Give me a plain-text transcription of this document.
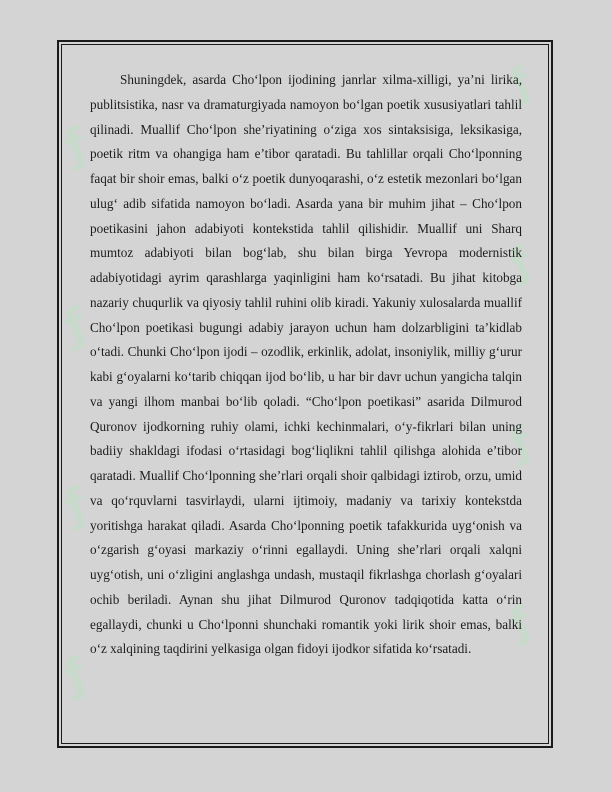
ƒ
ƒ
ƒ
ƒ
ƒ
ƒ
ƒ
ƒ

Shuningdek, asarda Cho‘lpon ijodining janrlar xilma-xilligi, ya’ni lirika, publitsistika, nasr va dramaturgiyada namoyon bo‘lgan poetik xususiyatlari tahlil qilinadi. Muallif Cho‘lpon she’riyatining o‘ziga xos sintaksisiga, leksikasiga, poetik ritm va ohangiga ham e’tibor qaratadi. Bu tahlillar orqali Cho‘lponning faqat bir shoir emas, balki o‘z poetik dunyoqarashi, o‘z estetik mezonlari bo‘lgan ulug‘ adib sifatida namoyon bo‘ladi. Asarda yana bir muhim jihat – Cho‘lpon poetikasini jahon adabiyoti kontekstida tahlil qilishidir. Muallif uni Sharq mumtoz adabiyoti bilan bog‘lab, shu bilan birga Yevropa modernistik adabiyotidagi ayrim qarashlarga yaqinligini ham ko‘rsatadi. Bu jihat kitobga nazariy chuqurlik va qiyosiy tahlil ruhini olib kiradi. Yakuniy xulosalarda muallif Cho‘lpon poetikasi bugungi adabiy jarayon uchun ham dolzarbligini ta’kidlab o‘tadi. Chunki Cho‘lpon ijodi – ozodlik, erkinlik, adolat, insoniylik, milliy g‘urur kabi g‘oyalarni ko‘tarib chiqqan ijod bo‘lib, u har bir davr uchun yangicha talqin va yangi ilhom manbai bo‘lib qoladi. “Cho‘lpon poetikasi” asarida Dilmurod Quronov ijodkorning ruhiy olami, ichki kechinmalari, o‘y-fikrlari bilan uning badiiy shakldagi ifodasi o‘rtasidagi bog‘liqlikni tahlil qilishga alohida e’tibor qaratadi. Muallif Cho‘lponning she’rlari orqali shoir qalbidagi iztirob, orzu, umid va qo‘rquvlarni tasvirlaydi, ularni ijtimoiy, madaniy va tarixiy kontekstda yoritishga harakat qiladi. Asarda Cho‘lponning poetik tafakkurida uyg‘onish va o‘zgarish g‘oyasi markaziy o‘rinni egallaydi. Uning she’rlari orqali xalqni uyg‘otish, uni o‘zligini anglashga undash, mustaqil fikrlashga chorlash g‘oyalari ochib beriladi. Aynan shu jihat Dilmurod Quronov tadqiqotida katta o‘rin egallaydi, chunki u Cho‘lponni shunchaki romantik yoki lirik shoir emas, balki o‘z xalqining taqdirini yelkasiga olgan fidoyi ijodkor sifatida ko‘rsatadi.
